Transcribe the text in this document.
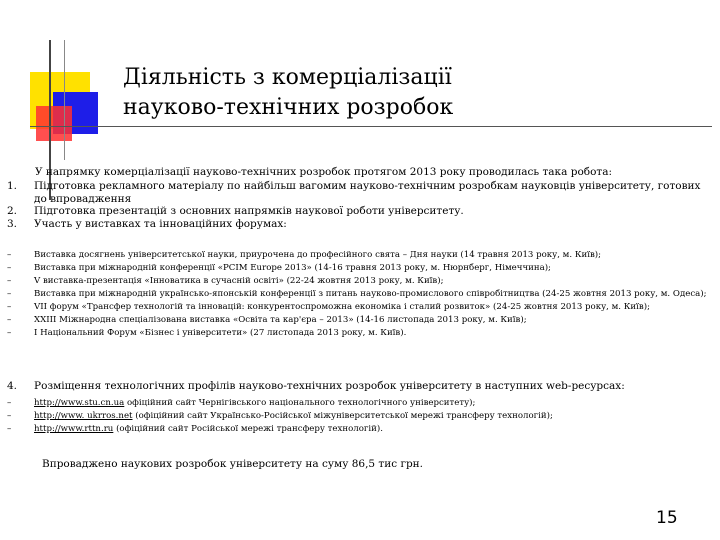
Діяльність з комерціалізації
науково-технічних розробок
У напрямку комерціалізації науково-технічних розробок протягом 2013 року проводилась така робота:
1.	Підготовка рекламного матеріалу по найбільш вагомим науково-технічним розробкам науковців університету, готових до впровадження
2.	Підготовка презентацій з основних напрямків наукової роботи університету.
3.	Участь у виставках та інноваційних форумах:
–	Виставка досягнень університетської науки, приурочена до професійного свята – Дня науки (14 травня 2013 року, м. Київ);
–	Виставка при міжнародній конференції «PCIM Europe 2013» (14-16 травня 2013 року, м. Нюрнберг, Німеччина);
–	V виставка-презентація «Інноватика в сучасній освіті» (22-24 жовтня 2013 року, м. Київ);
–	Виставка при міжнародній українсько-японській конференції з питань науково-промислового співробітництва (24-25 жовтня 2013 року, м. Одеса);
–	VII форум «Трансфер технологій та інновацій: конкурентоспроможна економіка і сталий розвиток» (24-25 жовтня 2013 року, м. Київ);
–	XXIII Міжнародна спеціалізована виставка «Освіта та кар'єра – 2013» (14-16 листопада 2013 року, м. Київ);
–	І Національний Форум «Бізнес і університети» (27 листопада 2013 року, м. Київ).
4.	Розміщення технологічних профілів науково-технічних розробок університету в наступних web-ресурсах:
–	http://www.stu.cn.ua офіційний сайт Чернігівського національного технологічного університету);
–	http://www. ukrros.net (офіційний сайт Українсько-Російської міжуніверситетської мережі трансферу технологій);
–	http://www.rttn.ru (офіційний сайт Російської мережі трансферу технологій).
Впроваджено наукових розробок університету на суму 86,5 тис грн.
15
